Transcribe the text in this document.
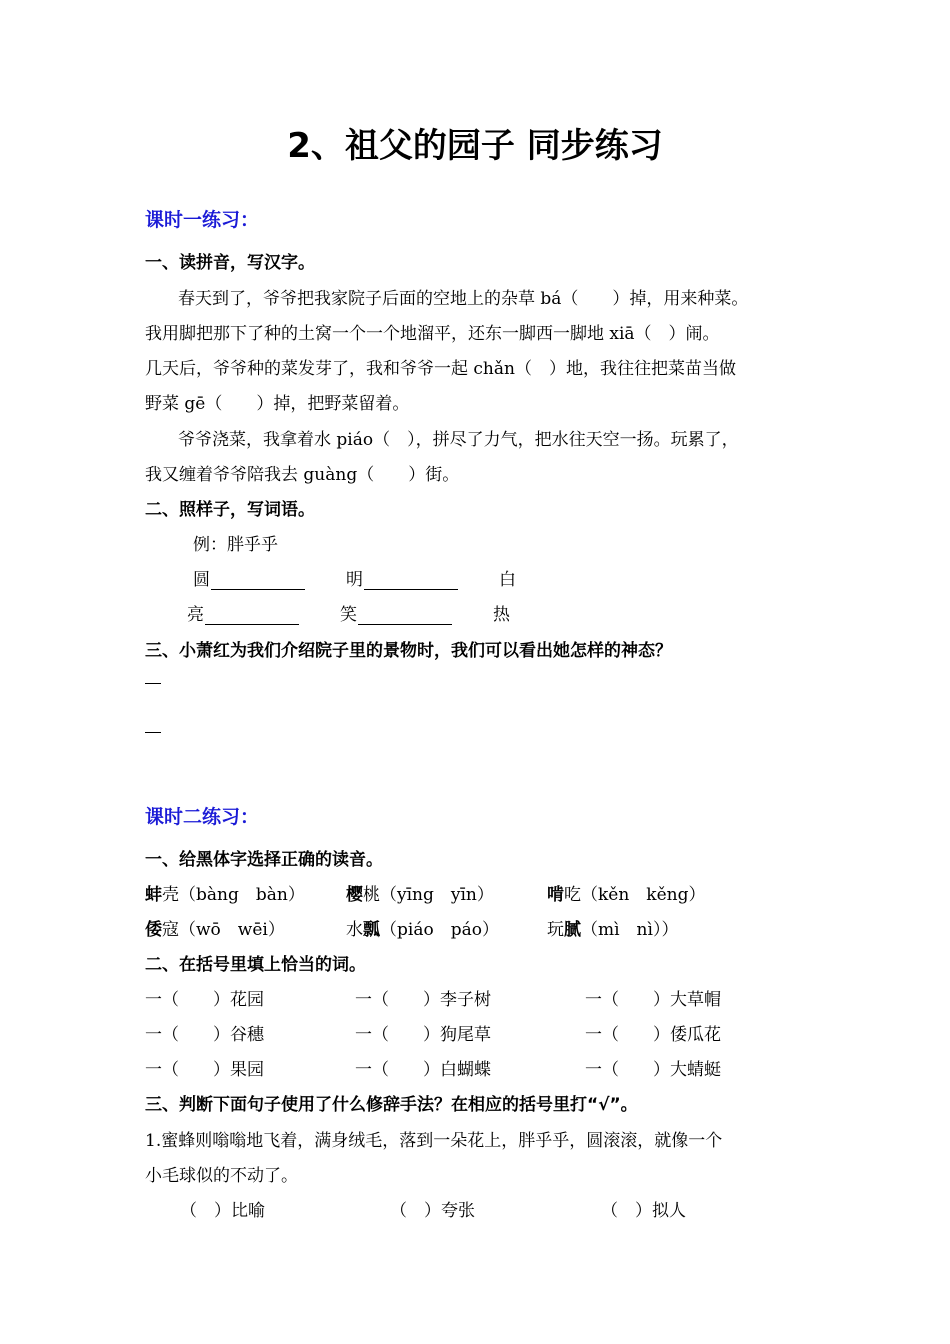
2、祖父的园子 同步练习
课时一练习：
一、读拼音，写汉字。
春天到了，爷爷把我家院子后面的空地上的杂草 bá（　　）掉，用来种菜。
我用脚把那下了种的土窝一个一个地溜平，还东一脚西一脚地 xiā（　）闹。
几天后，爷爷种的菜发芽了，我和爷爷一起 chǎn（　）地，我往往把菜苗当做
野菜 gē（　　）掉，把野菜留着。
爷爷浇菜，我拿着水 piáo（　），拼尽了力气，把水往天空一扬。玩累了，
我又缠着爷爷陪我去 guàng（　　）街。
二、照样子，写词语。
例：胖乎乎
圆	明	白
亮	笑	热
三、小萧红为我们介绍院子里的景物时，我们可以看出她怎样的神态？
课时二练习：
一、给黑体字选择正确的读音。
蚌壳（bàng　bàn） 樱桃（yīng　yīn）	啃吃（kěn　kěng）
倭寇（wō　wēi）	水瓢（piáo　páo）	玩腻（mì　nì））
二、在括号里填上恰当的词。
一（　　）花园	一（　　）李子树	一（　　）大草帽
一（　　）谷穗	一（　　）狗尾草	一（　　）倭瓜花
一（　　）果园	一（　　）白蝴蝶	一（　　）大蜻蜓
三、判断下面句子使用了什么修辞手法？在相应的括号里打“√”。
1.蜜蜂则嗡嗡地飞着，满身绒毛，落到一朵花上，胖乎乎，圆滚滚，就像一个
小毛球似的不动了。
（　）比喻	（　）夸张	（　）拟人
